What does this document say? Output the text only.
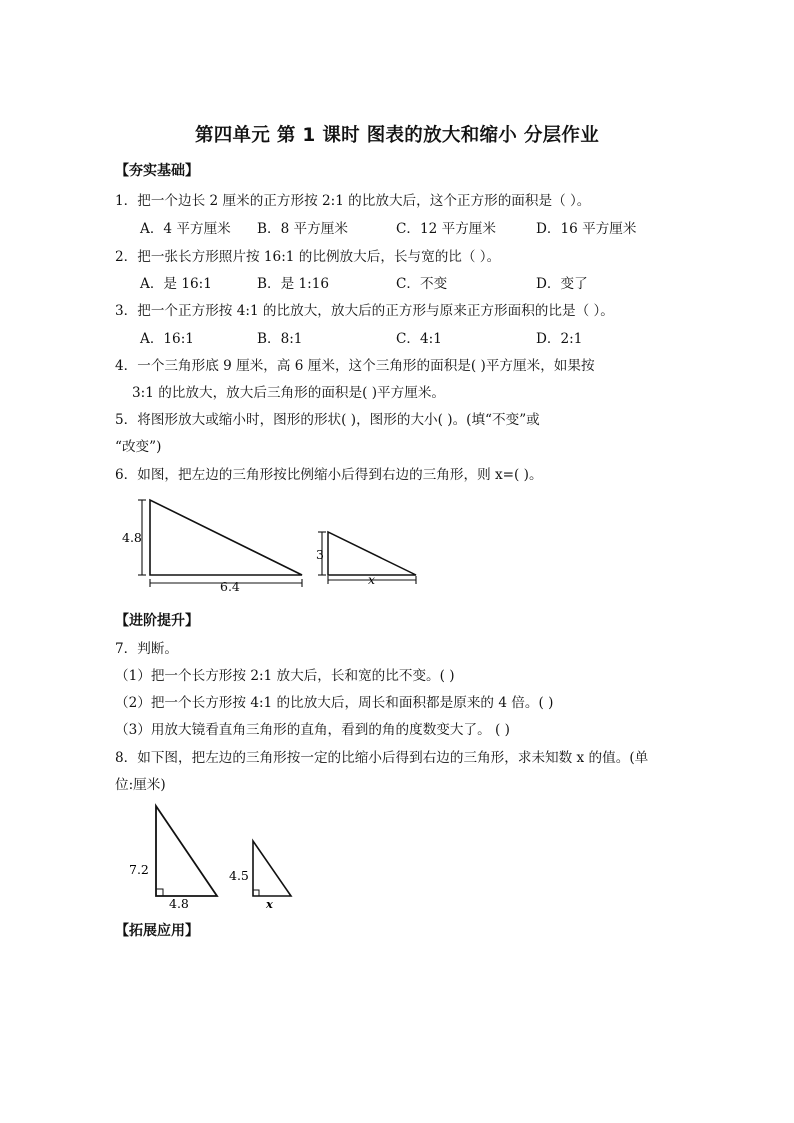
第四单元 第 1 课时 图表的放大和缩小 分层作业
【夯实基础】
1．把一个边长 2 厘米的正方形按 2:1 的比放大后，这个正方形的面积是（ ）。
A．4 平方厘米 B．8 平方厘米	C．12 平方厘米	D．16 平方厘米
2．把一张长方形照片按 16:1 的比例放大后，长与宽的比（ ）。
A．是 16:1	B．是 1:16	C．不变	D．变了
3．把一个正方形按 4:1 的比放大，放大后的正方形与原来正方形面积的比是（ ）。
A．16:1	B．8:1	C．4:1	D．2:1
4．一个三角形底 9 厘米，高 6 厘米，这个三角形的面积是( )平方厘米，如果按
3:1 的比放大，放大后三角形的面积是( )平方厘米。
5．将图形放大或缩小时，图形的形状( )，图形的大小( )。(填“不变”或
“改变”)
6．如图，把左边的三角形按比例缩小后得到右边的三角形，则 x=( )。
4.8
6.4
3
x
【进阶提升】
7．判断。
（1）把一个长方形按 2:1 放大后，长和宽的比不变。( )
（2）把一个长方形按 4:1 的比放大后，周长和面积都是原来的 4 倍。( )
（3）用放大镜看直角三角形的直角，看到的角的度数变大了。 ( )
8．如下图，把左边的三角形按一定的比缩小后得到右边的三角形，求未知数 x 的值。(单
位:厘米)
7.2
4.8
4.5
x
【拓展应用】
